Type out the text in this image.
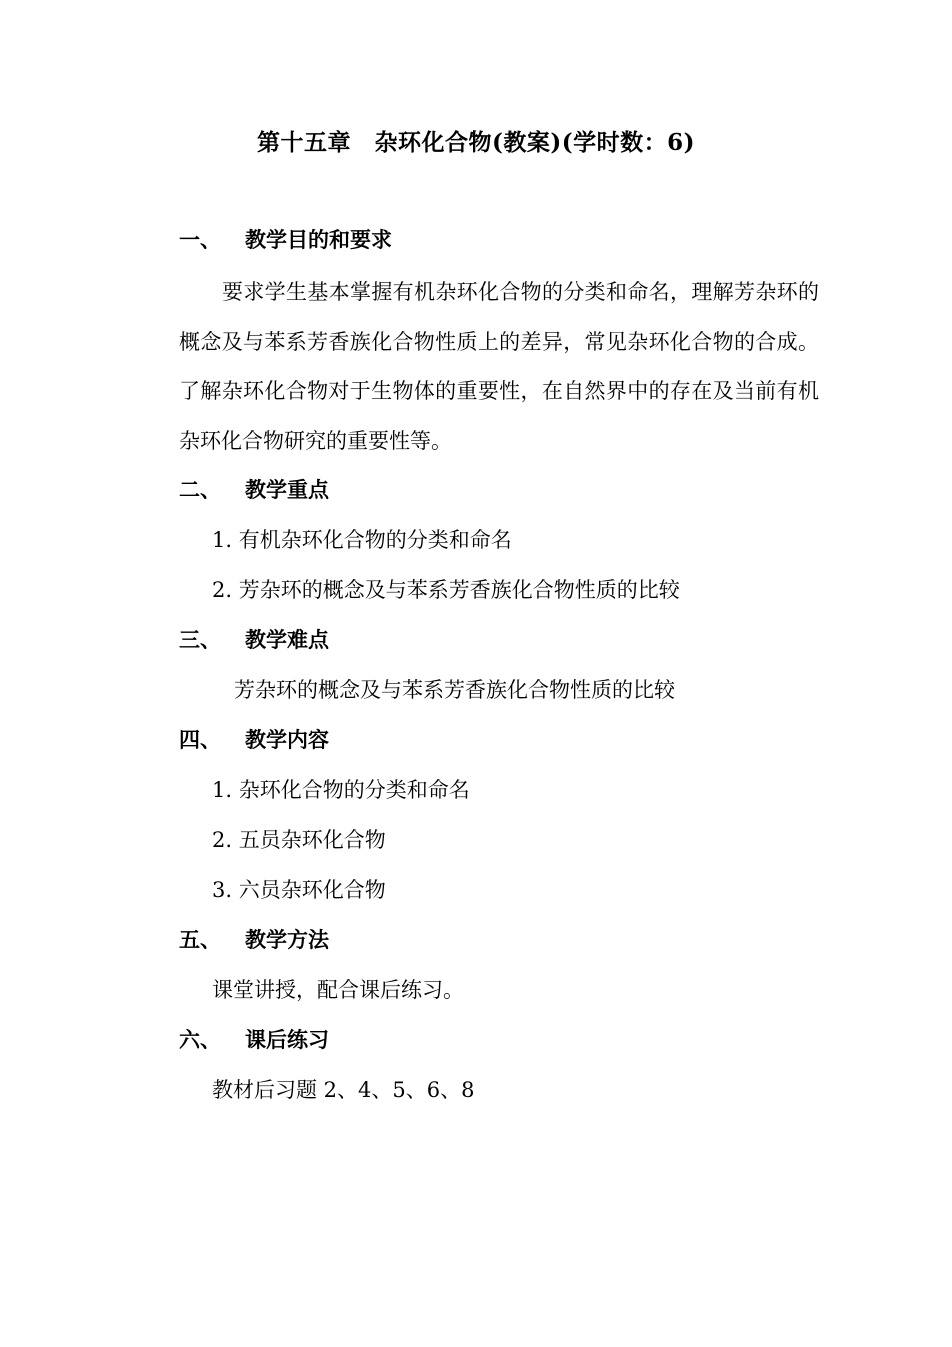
第十五章　杂环化合物(教案)(学时数：6)
一、 教学目的和要求
要求学生基本掌握有机杂环化合物的分类和命名，理解芳杂环的概念及与苯系芳香族化合物性质上的差异，常见杂环化合物的合成。了解杂环化合物对于生物体的重要性，在自然界中的存在及当前有机杂环化合物研究的重要性等。
二、 教学重点
1. 有机杂环化合物的分类和命名
2. 芳杂环的概念及与苯系芳香族化合物性质的比较
三、 教学难点
芳杂环的概念及与苯系芳香族化合物性质的比较
四、 教学内容
1. 杂环化合物的分类和命名
2. 五员杂环化合物
3. 六员杂环化合物
五、 教学方法
课堂讲授，配合课后练习。
六、 课后练习
教材后习题 2、4、5、6、8
